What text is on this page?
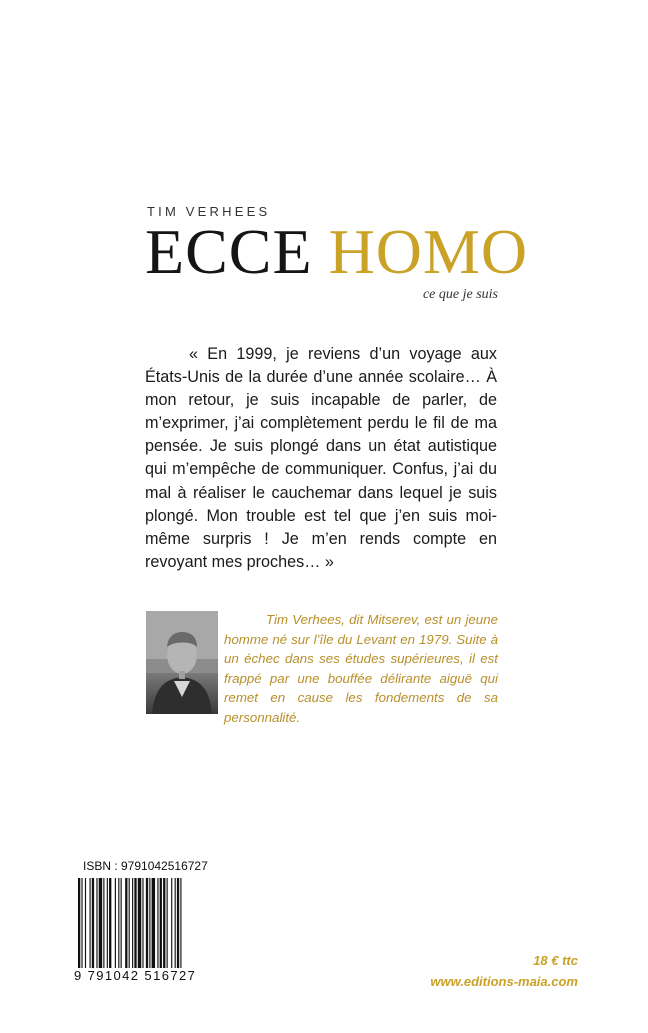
TIM VERHEES
ECCE HOMO
ce que je suis
« En 1999, je reviens d’un voyage aux États-Unis de la durée d’une année scolaire… À mon retour, je suis incapable de parler, de m’exprimer, j’ai complètement perdu le fil de ma pensée. Je suis plongé dans un état autistique qui m’empêche de communiquer. Confus, j’ai du mal à réaliser le cauchemar dans lequel je suis plongé. Mon trouble est tel que j’en suis moi-même surpris ! Je m’en rends compte en revoyant mes proches… »
Tim Verhees, dit Mitserev, est un jeune homme né sur l’île du Levant en 1979. Suite à un échec dans ses études supérieures, il est frappé par une bouffée délirante aiguë qui remet en cause les fondements de sa personnalité.
ISBN : 9791042516727
9 791042 516727
18 € ttc
www.editions-maia.com
